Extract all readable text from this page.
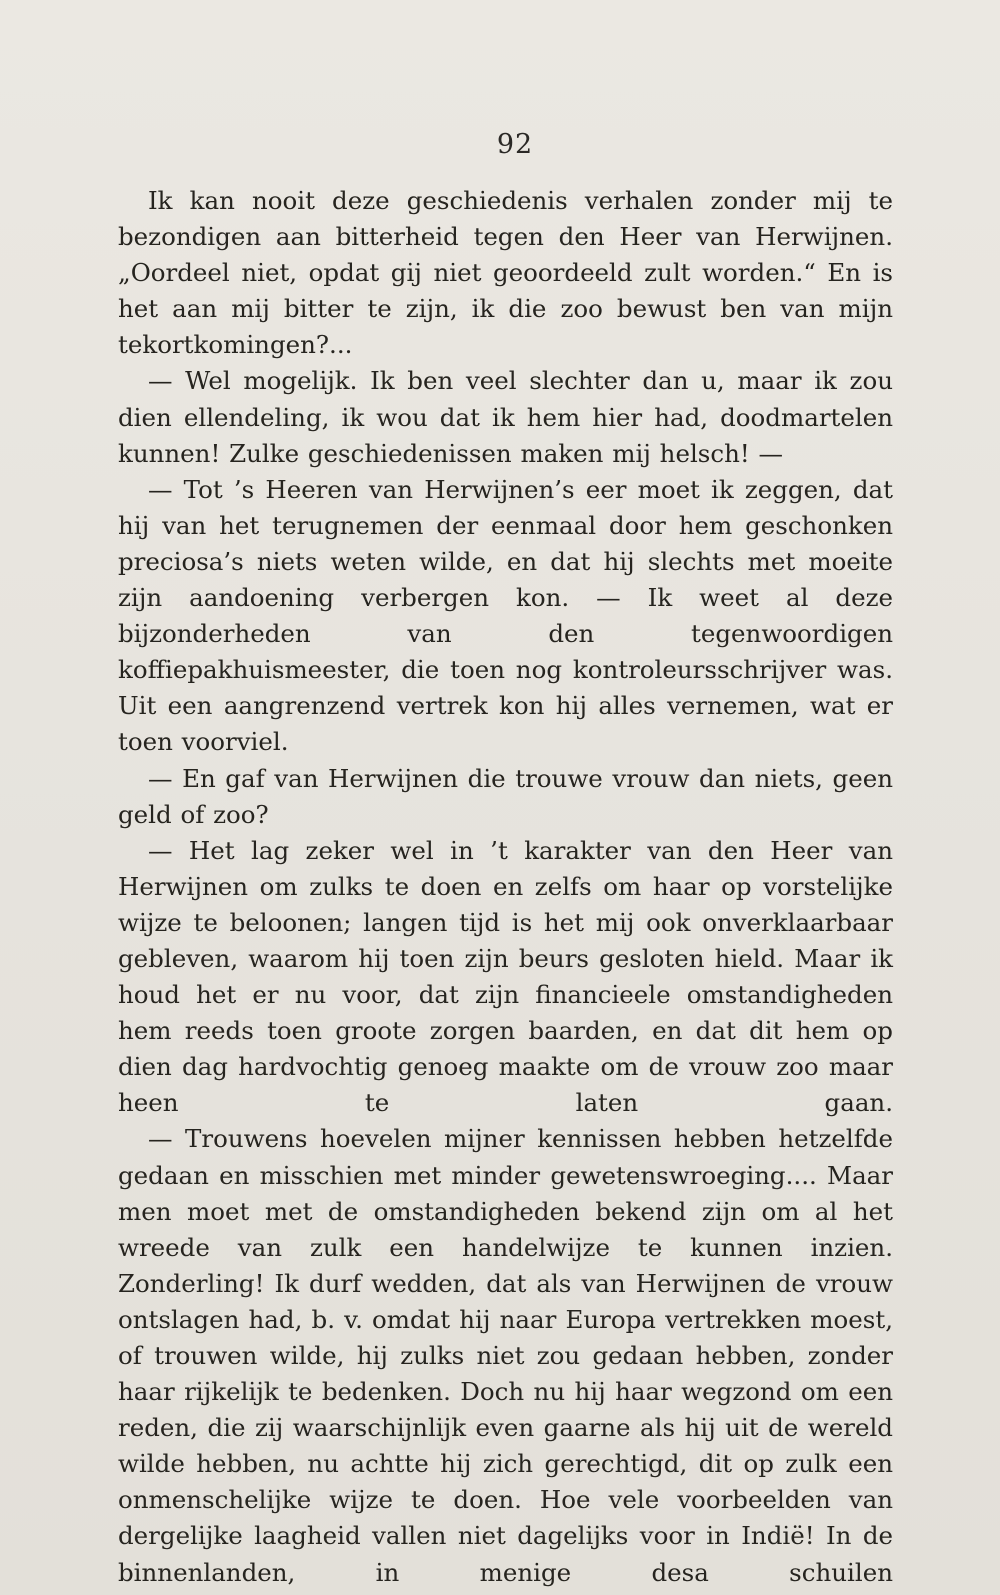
92

Ik kan nooit deze geschiedenis verhalen zonder mij te bezondigen aan bitterheid tegen den Heer van Herwijnen. „Oordeel niet, opdat gij niet geoordeeld zult worden.“ En is het aan mij bitter te zijn, ik die zoo bewust ben van mijn tekortkomingen?...

— Wel mogelijk. Ik ben veel slechter dan u, maar ik zou dien ellendeling, ik wou dat ik hem hier had, doodmartelen kunnen! Zulke geschiedenissen maken mij helsch! —

— Tot ’s Heeren van Herwijnen’s eer moet ik zeggen, dat hij van het terugnemen der eenmaal door hem geschonken preciosa’s niets weten wilde, en dat hij slechts met moeite zijn aandoening verbergen kon. — Ik weet al deze bijzonderheden van den tegenwoordigen koffiepakhuismeester, die toen nog kontroleursschrijver was. Uit een aangrenzend vertrek kon hij alles vernemen, wat er toen voorviel.

— En gaf van Herwijnen die trouwe vrouw dan niets, geen geld of zoo?

— Het lag zeker wel in ’t karakter van den Heer van Herwijnen om zulks te doen en zelfs om haar op vorstelijke wijze te beloonen; langen tijd is het mij ook onverklaarbaar gebleven, waarom hij toen zijn beurs gesloten hield. Maar ik houd het er nu voor, dat zijn financieele omstandigheden hem reeds toen groote zorgen baarden, en dat dit hem op dien dag hardvochtig genoeg maakte om de vrouw zoo maar heen te laten gaan.

— Trouwens hoevelen mijner kennissen hebben hetzelfde gedaan en misschien met minder gewetenswroeging.... Maar men moet met de omstandigheden bekend zijn om al het wreede van zulk een handelwijze te kunnen inzien. Zonderling! Ik durf wedden, dat als van Herwijnen de vrouw ontslagen had, b. v. omdat hij naar Europa vertrekken moest, of trouwen wilde, hij zulks niet zou gedaan hebben, zonder haar rijkelijk te bedenken. Doch nu hij haar wegzond om een reden, die zij waarschijnlijk even gaarne als hij uit de wereld wilde hebben, nu achtte hij zich gerechtigd, dit op zulk een onmenschelijke wijze te doen. Hoe vele voorbeelden van dergelijke laagheid vallen niet dagelijks voor in Indië! In de binnenlanden, in menige desa schuilen
